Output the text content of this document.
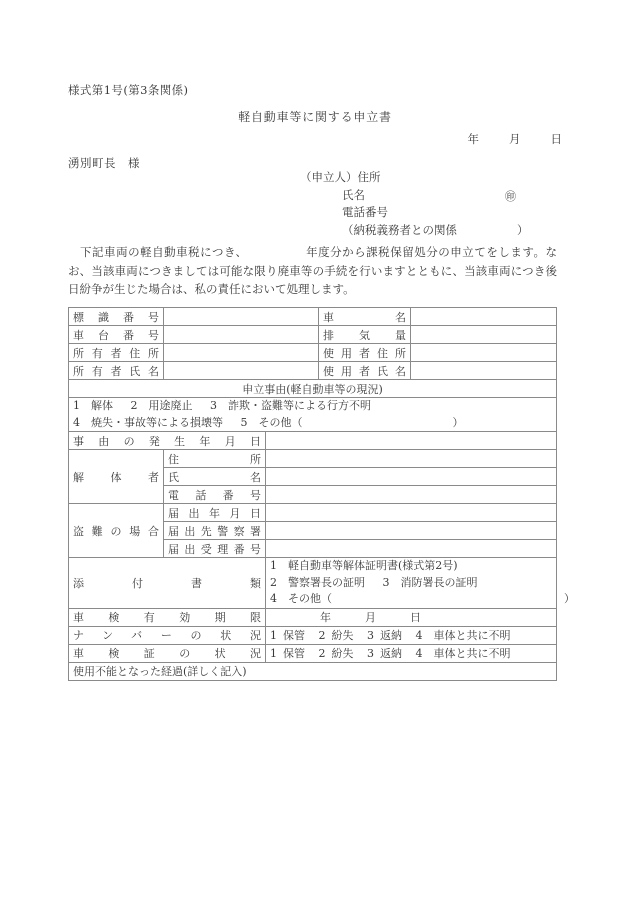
様式第1号(第3条関係)
軽自動車等に関する申立書
年	月	日
湧別町長　様
（申立人）住所
氏名	㊞
電話番号
（納税義務者との関係	）
　下記車両の軽自動車税につき、	年度分から課税保留処分の申立てをします。なお、当該車両につきましては可能な限り廃車等の手続を行いますとともに、当該車両につき後日紛争が生じた場合は、私の責任において処理します。
標識番号			車名	
車台番号			排気量	
所有者住所			使用者住所	
所有者氏名			使用者氏名	
申立事由(軽自動車等の現況)				

1 解体 2 用途廃止 3 詐欺・盗難等による行方不明
4 焼失・事故等による損壊等 5 その他（ ）				

事由の発生年月日				
解体者	住所			
	氏名			
	電話番号			
盗難の場合	届出年月日			
	届出先警察署			
	届出受理番号			
添付書類		1 軽自動車等解体証明書(様式第2号)
2 警察署長の証明 3 消防署長の証明
4 その他（ ）		

車検有効期限		年 月 日		
ナンバーの状況		1 保管 2 紛失 3 返納 4 車体と共に不明		
車検証の状況		1 保管 2 紛失 3 返納 4 車体と共に不明		
使用不能となった経過(詳しく記入)				
